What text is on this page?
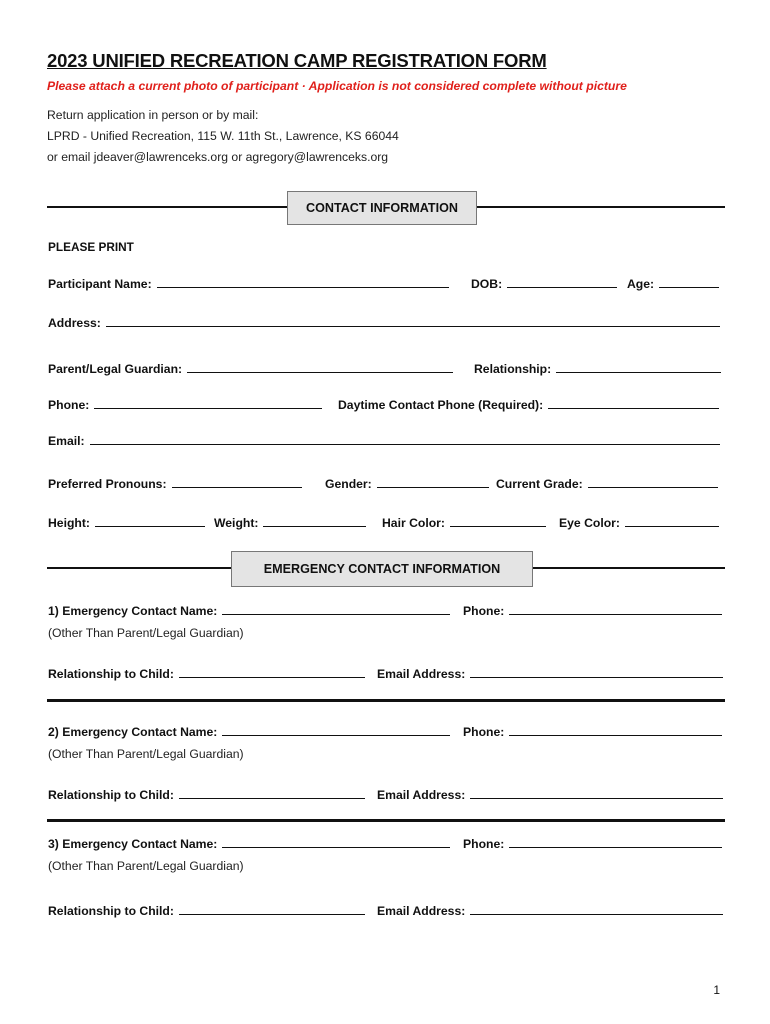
2023 UNIFIED RECREATION CAMP REGISTRATION FORM
Please attach a current photo of participant · Application is not considered complete without picture
Return application in person or by mail:
LPRD - Unified Recreation, 115 W. 11th St., Lawrence, KS 66044
or email jdeaver@lawrenceks.org or agregory@lawrenceks.org
CONTACT INFORMATION
PLEASE PRINT
Participant Name:	DOB:	Age:
Address:
Parent/Legal Guardian:	Relationship:
Phone:	Daytime Contact Phone (Required):
Email:
Preferred Pronouns:	Gender:	Current Grade:
Height:	Weight:	Hair Color:	Eye Color:
EMERGENCY CONTACT INFORMATION
1) Emergency Contact Name:	Phone:
(Other Than Parent/Legal Guardian)
Relationship to Child:	Email Address:
2) Emergency Contact Name:	Phone:
(Other Than Parent/Legal Guardian)
Relationship to Child:	Email Address:
3) Emergency Contact Name:	Phone:
(Other Than Parent/Legal Guardian)
Relationship to Child:	Email Address:
1
